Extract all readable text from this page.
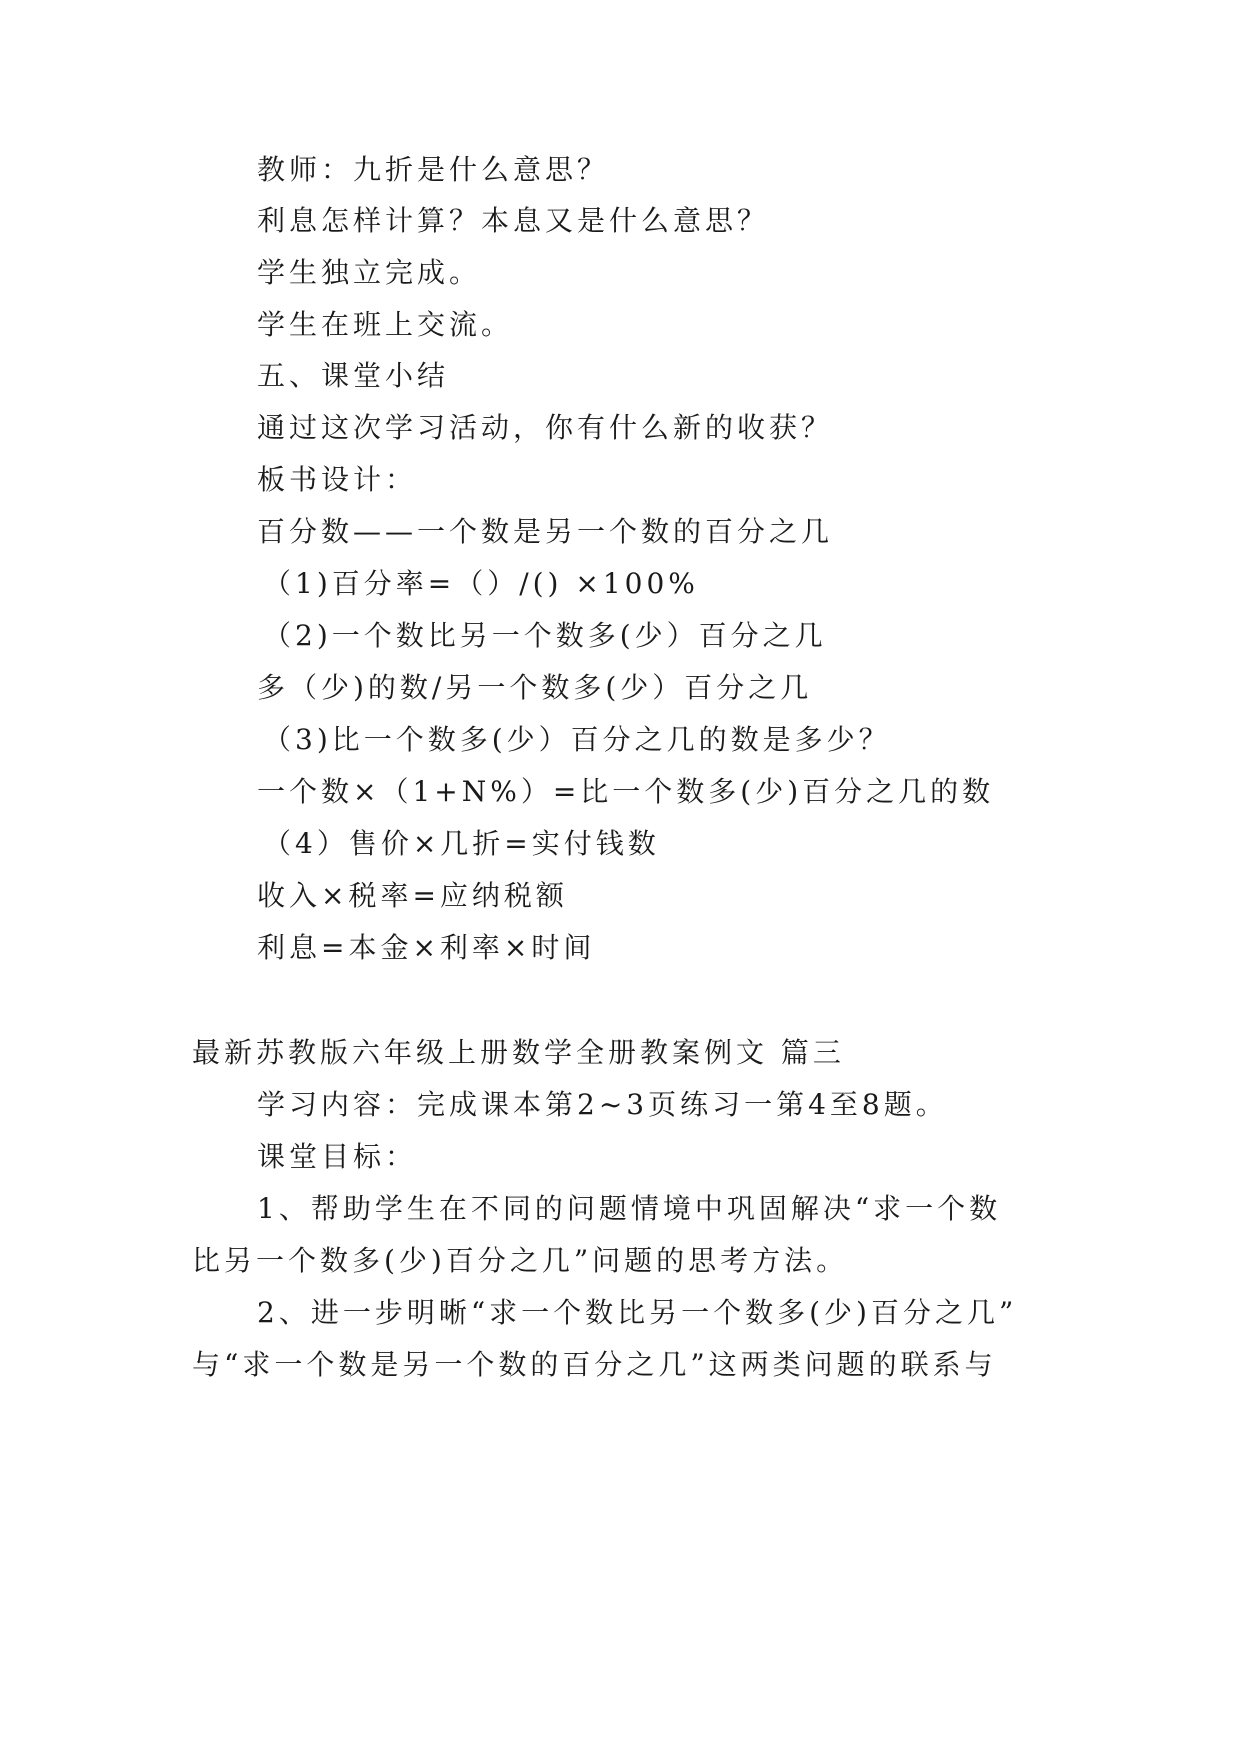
教师：九折是什么意思？
利息怎样计算？本息又是什么意思？
学生独立完成。
学生在班上交流。
五、课堂小结
通过这次学习活动，你有什么新的收获？
板书设计：
百分数——一个数是另一个数的百分之几
（1)百分率=（）/() ×100%
（2)一个数比另一个数多(少）百分之几
多（少)的数/另一个数多(少）百分之几
（3)比一个数多(少）百分之几的数是多少？
一个数×（1+N%）=比一个数多(少)百分之几的数
（4）售价×几折=实付钱数
收入×税率=应纳税额
利息=本金×利率×时间
最新苏教版六年级上册数学全册教案例文 篇三
学习内容：完成课本第2~3页练习一第4至8题。
课堂目标：
1、帮助学生在不同的问题情境中巩固解决“求一个数
比另一个数多(少)百分之几”问题的思考方法。
2、进一步明晰“求一个数比另一个数多(少)百分之几”
与“求一个数是另一个数的百分之几”这两类问题的联系与
